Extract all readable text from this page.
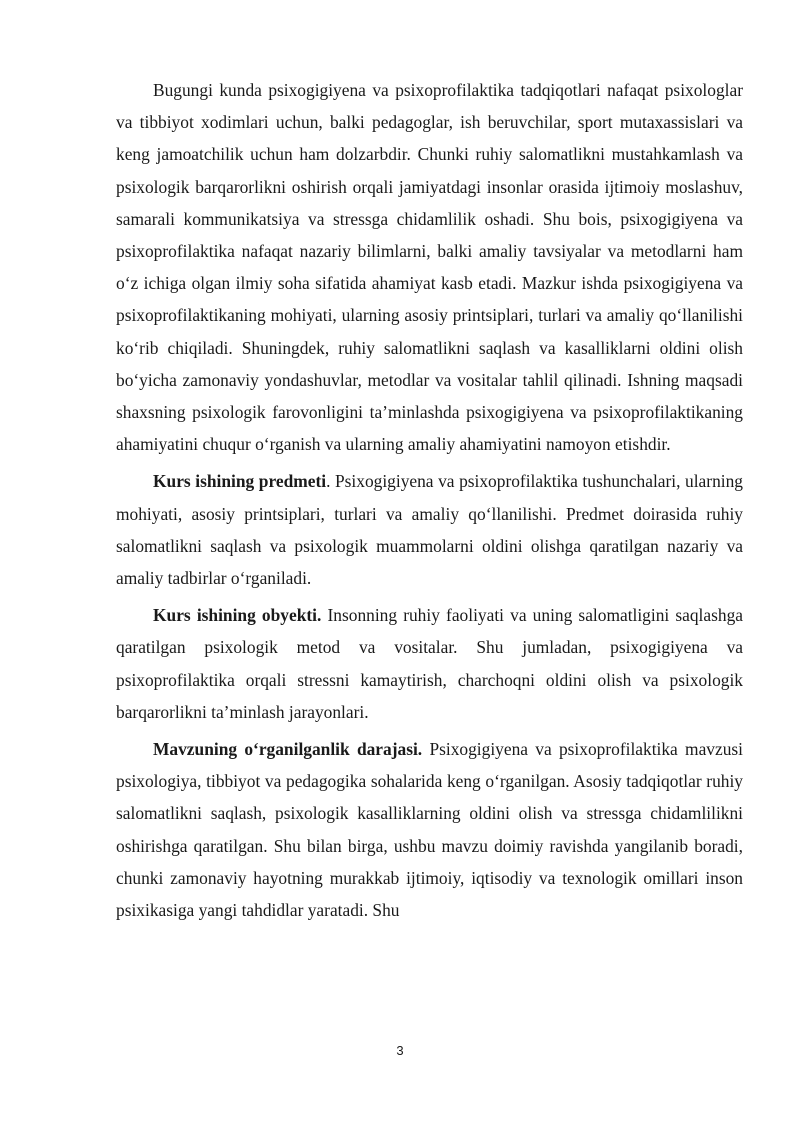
Bugungi kunda psixogigiyena va psixoprofilaktika tadqiqotlari nafaqat psixologlar va tibbiyot xodimlari uchun, balki pedagoglar, ish beruvchilar, sport mutaxassislari va keng jamoatchilik uchun ham dolzarbdir. Chunki ruhiy salomatlikni mustahkamlash va psixologik barqarorlikni oshirish orqali jamiyatdagi insonlar orasida ijtimoiy moslashuv, samarali kommunikatsiya va stressga chidamlilik oshadi. Shu bois, psixogigiyena va psixoprofilaktika nafaqat nazariy bilimlarni, balki amaliy tavsiyalar va metodlarni ham o‘z ichiga olgan ilmiy soha sifatida ahamiyat kasb etadi. Mazkur ishda psixogigiyena va psixoprofilaktikaning mohiyati, ularning asosiy printsiplari, turlari va amaliy qo‘llanilishi ko‘rib chiqiladi. Shuningdek, ruhiy salomatlikni saqlash va kasalliklarni oldini olish bo‘yicha zamonaviy yondashuvlar, metodlar va vositalar tahlil qilinadi. Ishning maqsadi shaxsning psixologik farovonligini ta’minlashda psixogigiyena va psixoprofilaktikaning ahamiyatini chuqur o‘rganish va ularning amaliy ahamiyatini namoyon etishdir.

Kurs ishining predmeti. Psixogigiyena va psixoprofilaktika tushunchalari, ularning mohiyati, asosiy printsiplari, turlari va amaliy qo‘llanilishi. Predmet doirasida ruhiy salomatlikni saqlash va psixologik muammolarni oldini olishga qaratilgan nazariy va amaliy tadbirlar o‘rganiladi.

Kurs ishining obyekti. Insonning ruhiy faoliyati va uning salomatligini saqlashga qaratilgan psixologik metod va vositalar. Shu jumladan, psixogigiyena va psixoprofilaktika orqali stressni kamaytirish, charchoqni oldini olish va psixologik barqarorlikni ta’minlash jarayonlari.

Mavzuning o‘rganilganlik darajasi. Psixogigiyena va psixoprofilaktika mavzusi psixologiya, tibbiyot va pedagogika sohalarida keng o‘rganilgan. Asosiy tadqiqotlar ruhiy salomatlikni saqlash, psixologik kasalliklarning oldini olish va stressga chidamlilikni oshirishga qaratilgan. Shu bilan birga, ushbu mavzu doimiy ravishda yangilanib boradi, chunki zamonaviy hayotning murakkab ijtimoiy, iqtisodiy va texnologik omillari inson psixikasiga yangi tahdidlar yaratadi. Shu

3
